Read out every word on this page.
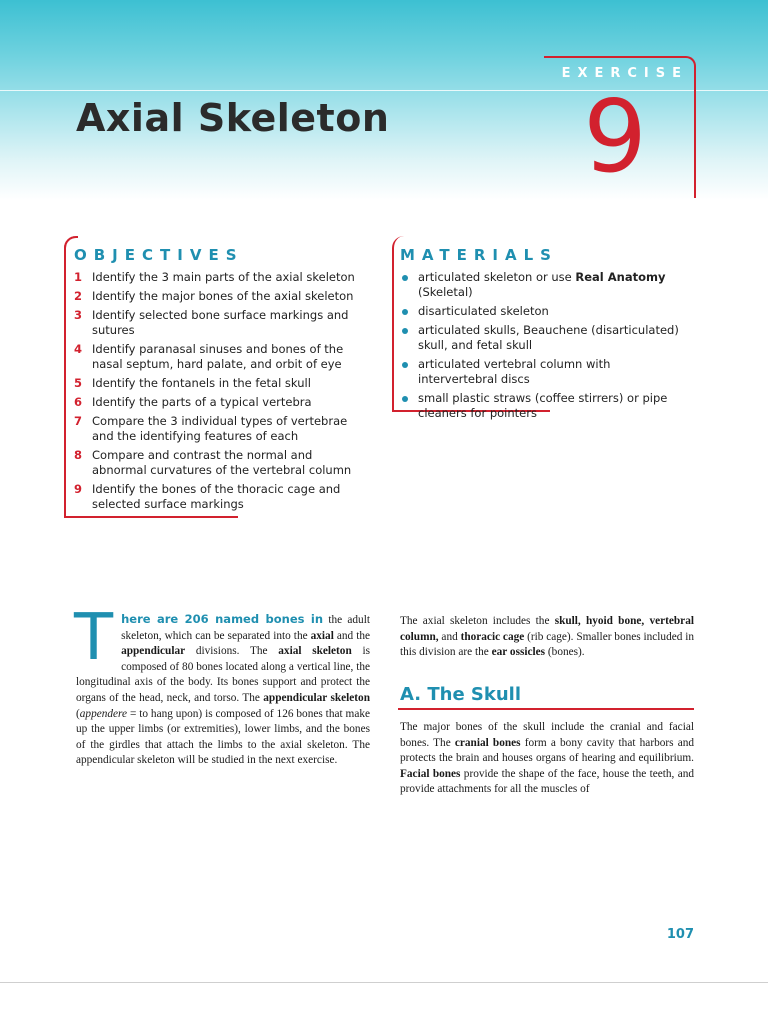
Axial Skeleton
EXERCISE
9
OBJECTIVES
1 Identify the 3 main parts of the axial skeleton
2 Identify the major bones of the axial skeleton
3 Identify selected bone surface markings and sutures
4 Identify paranasal sinuses and bones of the nasal septum, hard palate, and orbit of eye
5 Identify the fontanels in the fetal skull
6 Identify the parts of a typical vertebra
7 Compare the 3 individual types of vertebrae and the identifying features of each
8 Compare and contrast the normal and abnormal curvatures of the vertebral column
9 Identify the bones of the thoracic cage and selected surface markings
MATERIALS
articulated skeleton or use Real Anatomy (Skeletal)
disarticulated skeleton
articulated skulls, Beauchene (disarticulated) skull, and fetal skull
articulated vertebral column with intervertebral discs
small plastic straws (coffee stirrers) or pipe cleaners for pointers
There are 206 named bones in the adult skeleton, which can be separated into the axial and the appendicular divisions. The axial skeleton is composed of 80 bones located along a vertical line, the longitudinal axis of the body. Its bones support and protect the organs of the head, neck, and torso. The appendicular skeleton (appendere = to hang upon) is composed of 126 bones that make up the upper limbs (or extremities), lower limbs, and the bones of the girdles that attach the limbs to the axial skeleton. The appendicular skeleton will be studied in the next exercise.
The axial skeleton includes the skull, hyoid bone, vertebral column, and thoracic cage (rib cage). Smaller bones included in this division are the ear ossicles (bones).
A. The Skull
The major bones of the skull include the cranial and facial bones. The cranial bones form a bony cavity that harbors and protects the brain and houses organs of hearing and equilibrium. Facial bones provide the shape of the face, house the teeth, and provide attachments for all the muscles of
107
